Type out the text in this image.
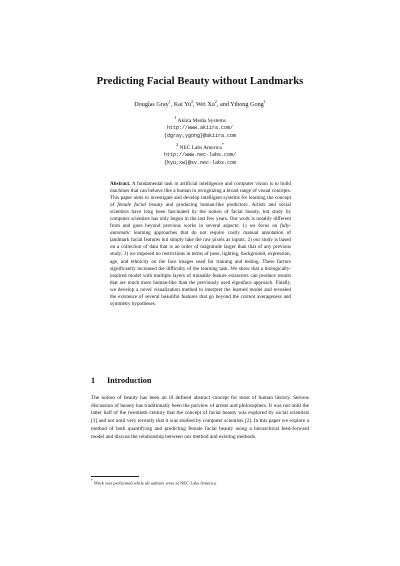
Predicting Facial Beauty without Landmarks
Douglas Gray$^1$, Kai Yu$^2$, Wei Xu$^2$, and Yihong Gong$^1$
$^1$ Akiira Media Systems
http://www.akiira.com/
{dgray,ygong}@akiira.com
$^2$ NEC Labs America*
http://www.nec-labs.com/
{kyu,xw}@sv.nec-labs.com
Abstract. A fundamental task in artificial intelligence and computer vision is to build machines that can behave like a human in recognizing a broad range of visual concepts. This paper aims to investigate and develop intelligent systems for learning the concept of female facial beauty and producing human-like predictors. Artists and social scientists have long been fascinated by the notion of facial beauty, but study by computer scientists has only begun in the last few years. Our work is notably different from and goes beyond previous works in several aspects: 1) we focus on fully-automatic learning approaches that do not require costly manual annotation of landmark facial features but simply take the raw pixels as inputs; 2) our study is based on a collection of data that is an order of magnitude larger than that of any previous study; 3) we imposed no restrictions in terms of pose, lighting, background, expression, age, and ethnicity on the face images used for training and testing. These factors significantly increased the difficulty of the learning task. We show that a biologically-inspired model with multiple layers of trainable feature extractors can produce results that are much more human-like than the previously used eigenface approach. Finally, we develop a novel visualization method to interpret the learned model and revealed the existence of several beautiful features that go beyond the current averageness and symmetry hypotheses.
1 Introduction
The notion of beauty has been an ill defined abstract concept for most of human history. Serious discussion of beauty has traditionally been the purview of artists and philosophers. It was not until the latter half of the twentieth century that the concept of facial beauty was explored by social scientists [1] and not until very recently that it was studied by computer scientists [2]. In this paper we explore a method of both quantifying and predicting female facial beauty using a hierarchical feed-forward model and discuss the relationship between our method and existing methods.
* Work was performed while all authors were at NEC Labs America.
